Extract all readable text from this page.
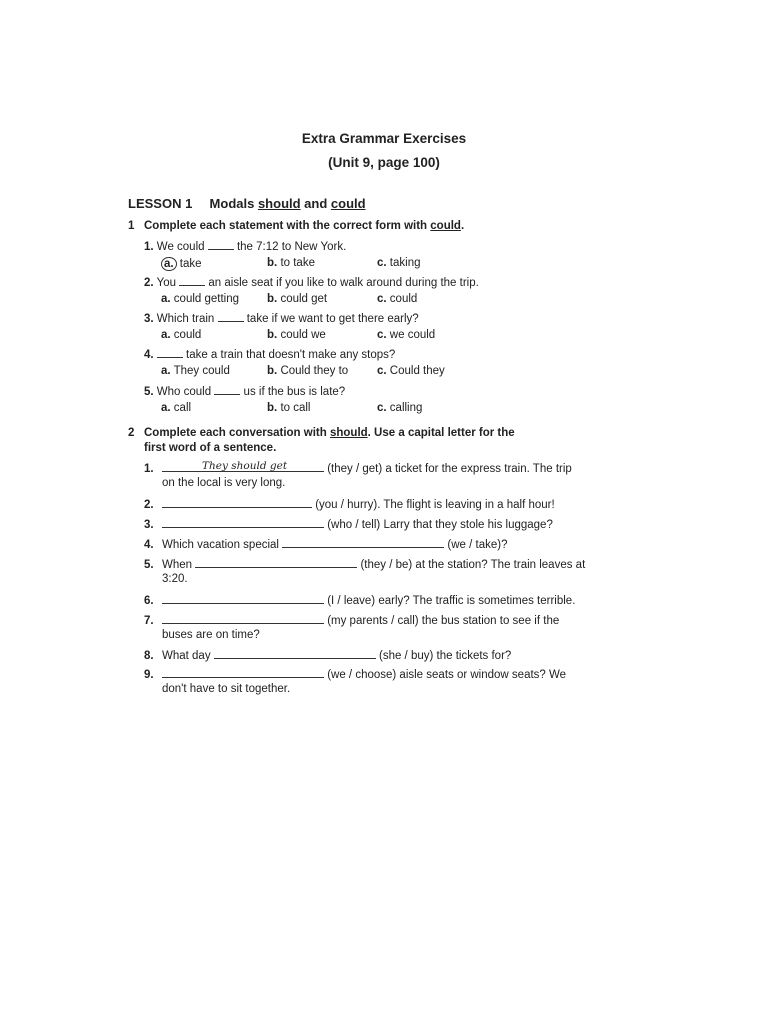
Extra Grammar Exercises
(Unit 9, page 100)
LESSON 1 Modals should and could
1 Complete each statement with the correct form with could.
1. We could	the 7:12 to New York.
a. take	b. to take	c. taking
2. You	an aisle seat if you like to walk around during the trip.
a. could getting b. could get	c. could
3. Which train	take if we want to get there early?
a. could	b. could we	c. we could
4.	take a train that doesn't make any stops?
a. They could	b. Could they to	c. Could they
5. Who could	us if the bus is late?
a. call	b. to call	c. calling
2 Complete each conversation with should. Use a capital letter for the
first word of a sentence.
1.	They should get	(they / get) a ticket for the express train. The trip
on the local is very long.
2.	(you / hurry). The flight is leaving in a half hour!
3.	(who / tell) Larry that they stole his luggage?
4. Which vacation special	(we / take)?
5. When	(they / be) at the station? The train leaves at
3:20.
6.	(I / leave) early? The traffic is sometimes terrible.
7.	(my parents / call) the bus station to see if the
buses are on time?
8. What day	(she / buy) the tickets for?
9.	(we / choose) aisle seats or window seats? We
don't have to sit together.
